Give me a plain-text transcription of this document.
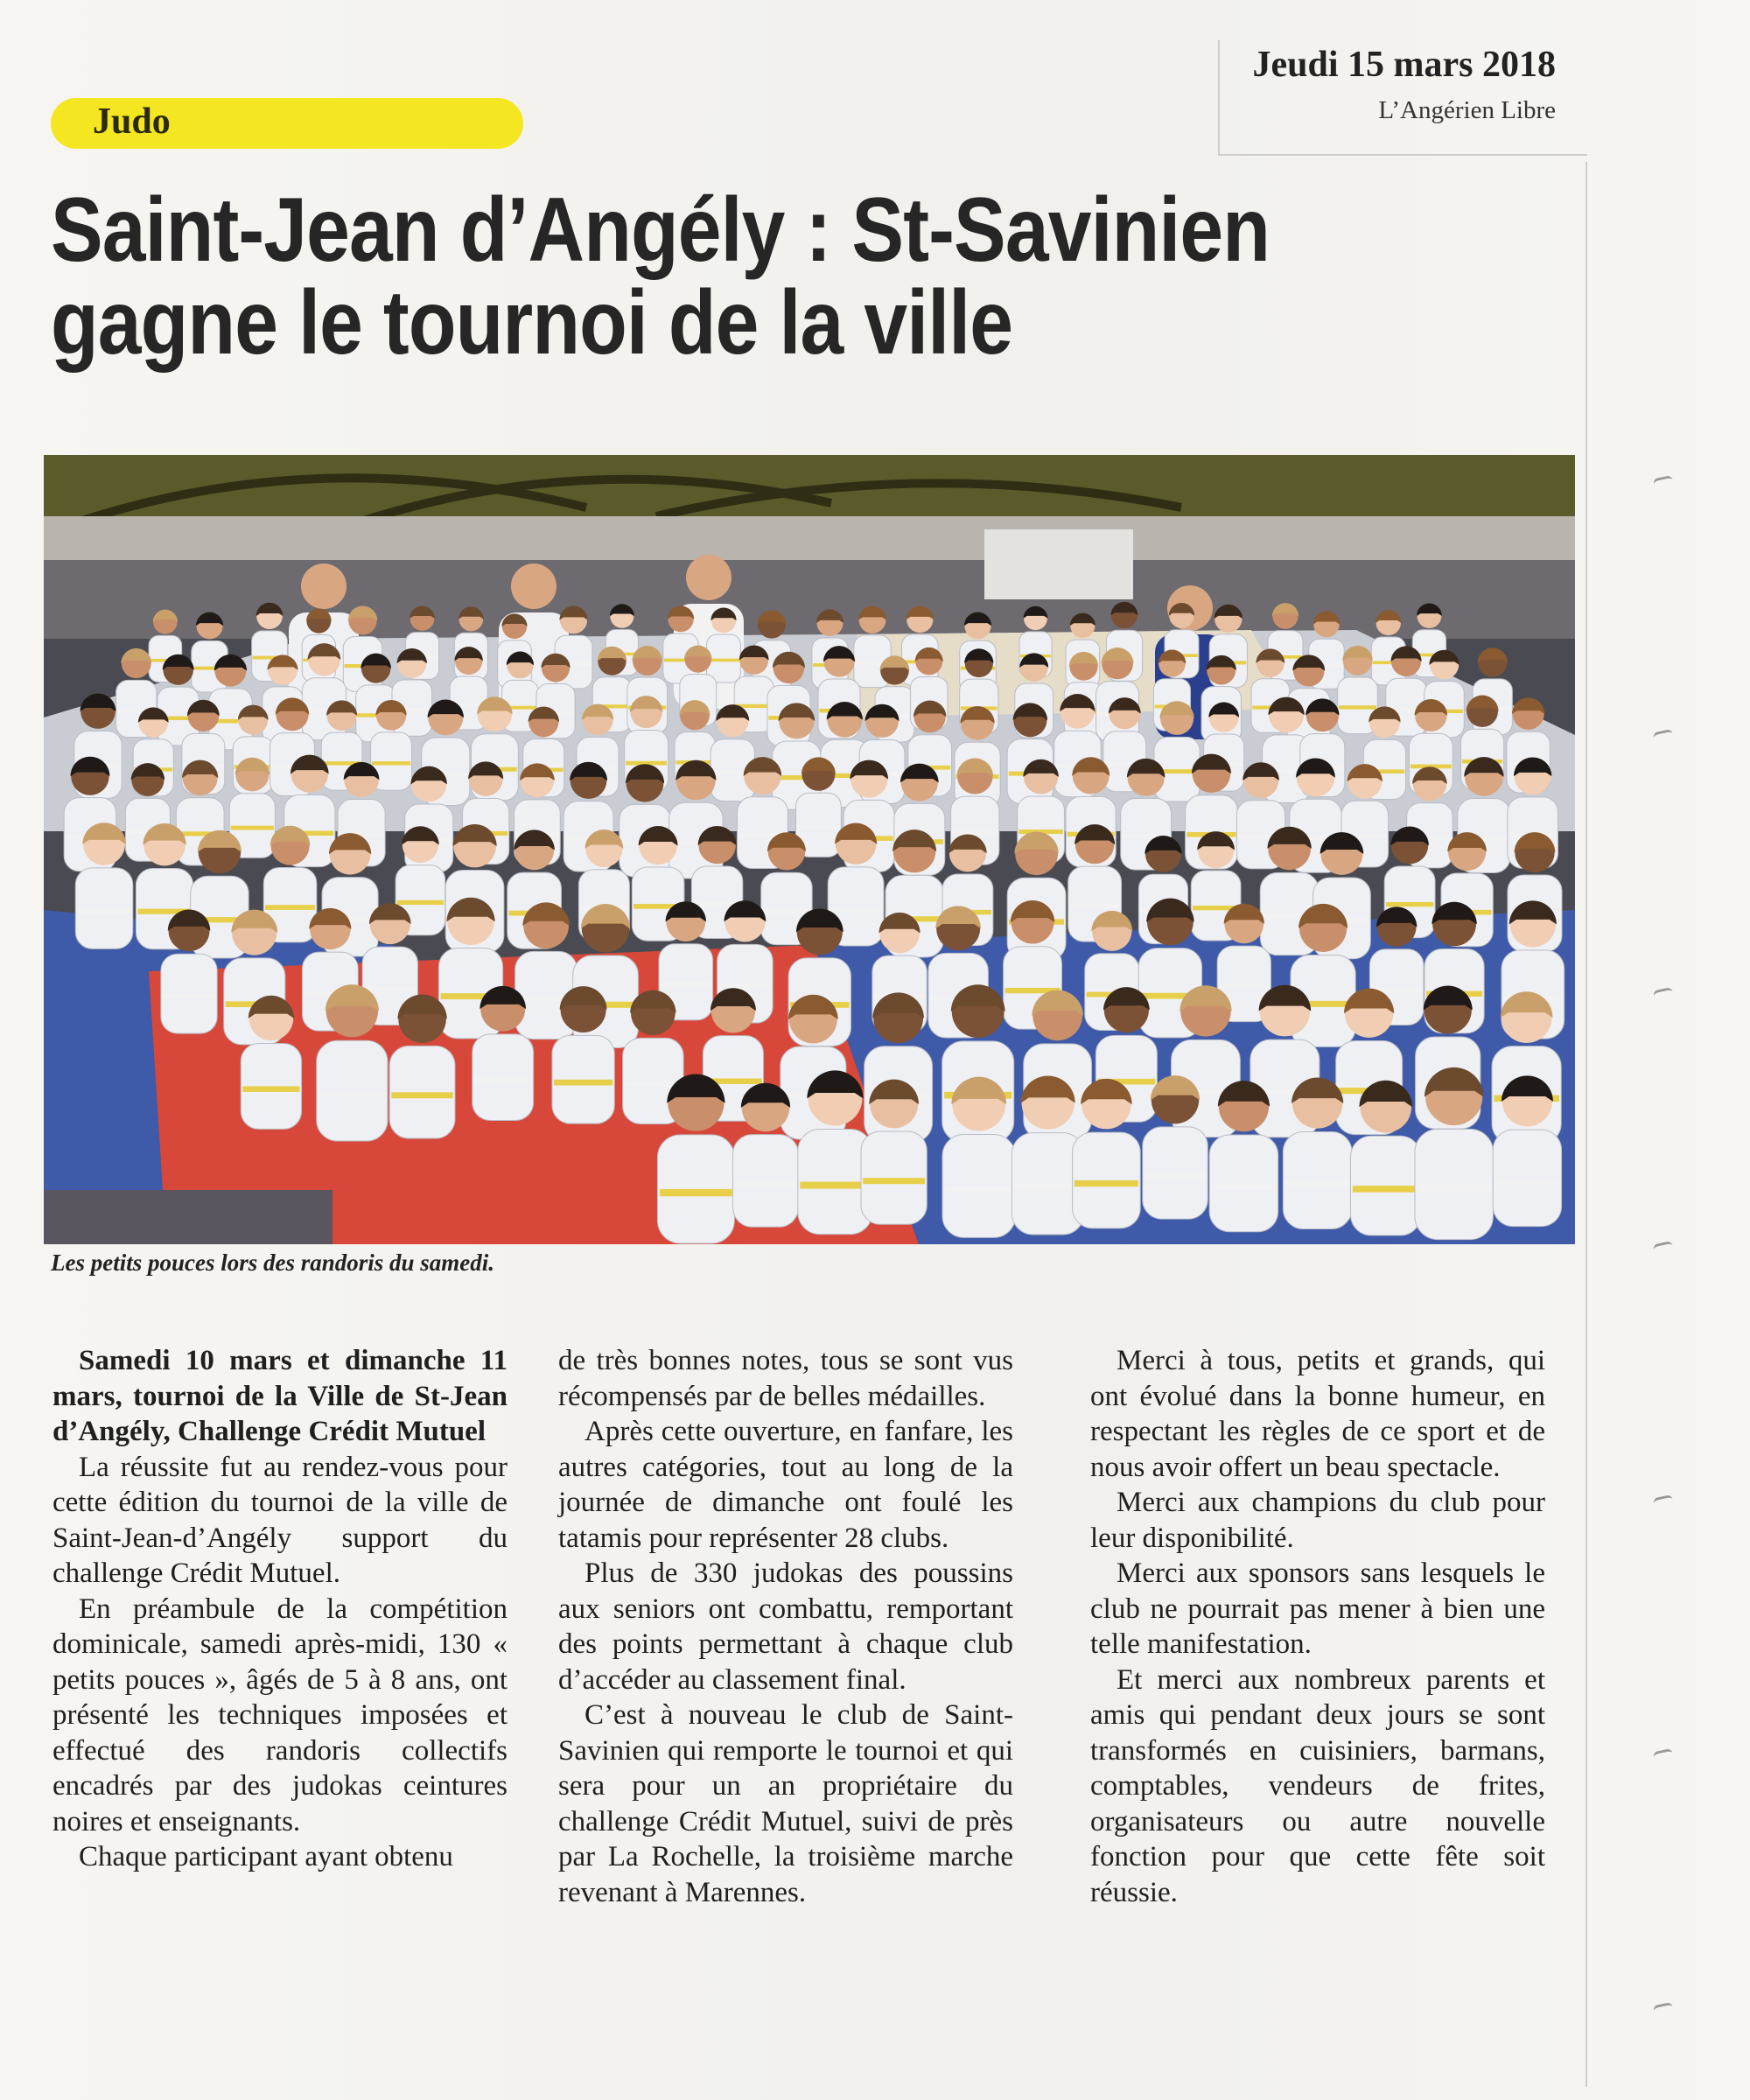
Jeudi 15 mars 2018
L’Angérien Libre
Judo
Saint-Jean d’Angély : St-Savinien
gagne le tournoi de la ville
Les petits pouces lors des randoris du samedi.

Samedi 10 mars et dimanche 11 mars, tournoi de la Ville de St-Jean d’Angély, Challenge Crédit Mutuel

La réussite fut au rendez-vous pour cette édition du tournoi de la ville de Saint-Jean-d’Angély support du challenge Crédit Mutuel.

En préambule de la compétition dominicale, samedi après-midi, 130 « petits pouces », âgés de 5 à 8 ans, ont présenté les techniques imposées et effectué des randoris collectifs encadrés par des judokas ceintures noires et enseignants.

Chaque participant ayant obtenu

de très bonnes notes, tous se sont vus récompensés par de belles médailles.

Après cette ouverture, en fanfare, les autres catégories, tout au long de la journée de dimanche ont foulé les tatamis pour représenter 28 clubs.

Plus de 330 judokas des poussins aux seniors ont combattu, remportant des points permettant à chaque club d’accéder au classement final.

C’est à nouveau le club de Saint-Savinien qui remporte le tournoi et qui sera pour un an propriétaire du challenge Crédit Mutuel, suivi de près par La Rochelle, la troisième marche revenant à Marennes.

Merci à tous, petits et grands, qui ont évolué dans la bonne humeur, en respectant les règles de ce sport et de nous avoir offert un beau spectacle.

Merci aux champions du club pour leur disponibilité.

Merci aux sponsors sans lesquels le club ne pourrait pas mener à bien une telle manifestation.

Et merci aux nombreux parents et amis qui pendant deux jours se sont transformés en cuisiniers, barmans, comptables, vendeurs de frites, organisateurs ou autre nouvelle fonction pour que cette fête soit réussie.
